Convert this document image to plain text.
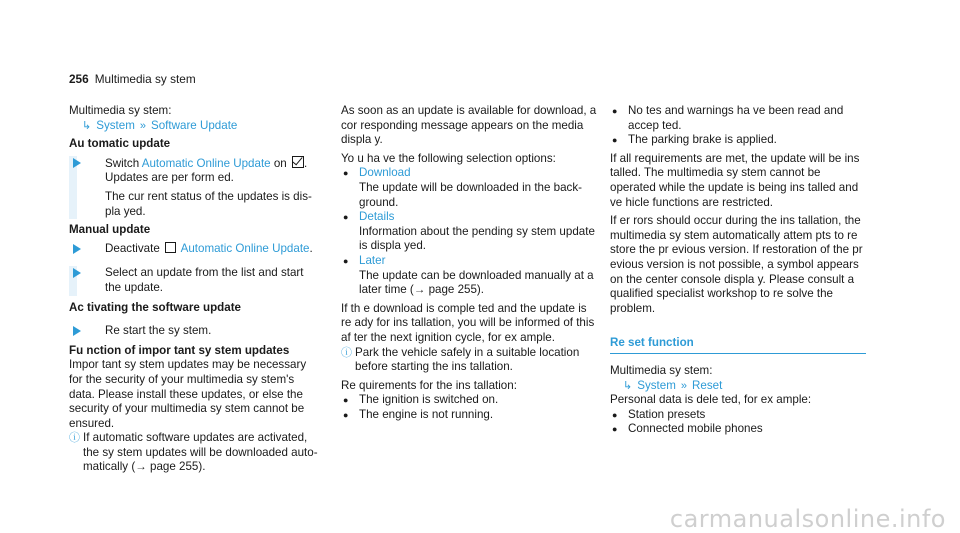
256 Multimedia sy stem

Multimedia sy stem:

↳ System » Software Update

Au tomatic update

Switch Automatic Online Update on .

Updates are per form ed.

The cur rent status of the updates is dis‐ pla yed.

Manual update

Deactivate  Automatic Online Update.

Select an update from the list and start the update.

Ac tivating the software update

Re start the sy stem.

Fu nction of impor tant sy stem updates

Impor tant sy stem updates may be necessary for the security of your multimedia sy stem's data. Please install these updates, or else the security of your multimedia sy stem cannot be ensured.

ⓘ If automatic software updates are activated, the sy stem updates will be downloaded auto‐ matically (→ page 255).

As soon as an update is available for download, a cor responding message appears on the media displa y.

Yo u ha ve the following selection options:

● Download

The update will be downloaded in the back‐ ground.

● Details

Information about the pending sy stem update is displa yed.

● Later

The update can be downloaded manually at a later time (→ page 255).

If th e download is comple ted and the update is re ady for ins tallation, you will be informed of this af ter the next ignition cycle, for ex ample.

ⓘ Park the vehicle safely in a suitable location before starting the ins tallation.

Re quirements for the ins tallation:

● The ignition is switched on.

● The engine is not running.

● No tes and warnings ha ve been read and accep ted.

● The parking brake is applied.

If all requirements are met, the update will be ins talled. The multimedia sy stem cannot be operated while the update is being ins talled and ve hicle functions are restricted.

If er rors should occur during the ins tallation, the multimedia sy stem automatically attem pts to re store the pr evious version. If restoration of the pr evious version is not possible, a symbol appears on the center console displa y. Please consult a qualified specialist workshop to re solve the problem.

Re set function

Multimedia sy stem:

↳ System » Reset

Personal data is dele ted, for ex ample:

● Station presets

● Connected mobile phones

carmanualsonline.info
